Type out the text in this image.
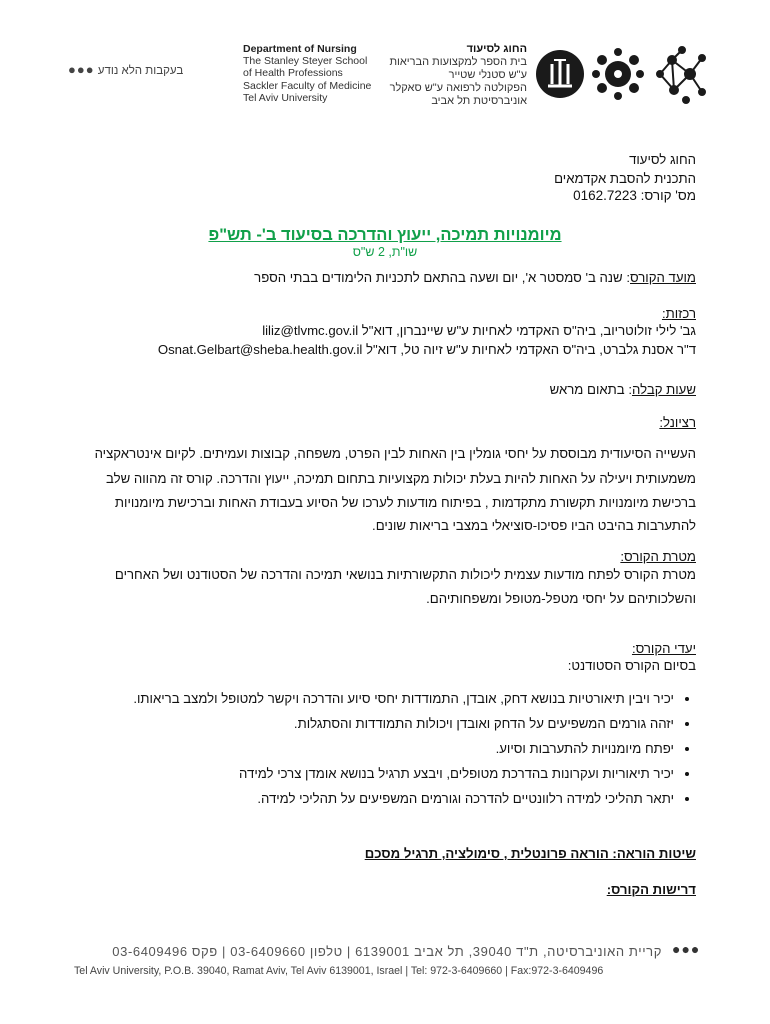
בעקבות הלא נודע ●●●
Department of Nursing
The Stanley Steyer School
of Health Professions
Sackler Faculty of Medicine
Tel Aviv University
החוג לסיעוד
בית הספר למקצועות הבריאות
ע"ש סטנלי שטייר
הפקולטה לרפואה ע"ש סאקלר
אוניברסיטת תל אביב
החוג לסיעוד
התכנית להסבת אקדמאים
מס' קורס: 0162.7223
מיומנויות תמיכה, ייעוץ והדרכה בסיעוד ב'- תש"פ
שו"ת, 2 ש"ס
מועד הקורס: שנה ב' סמסטר א', יום ושעה בהתאם לתכניות הלימודים בבתי הספר
רכזות:
גב' לילי זולוטריוב, ביה"ס האקדמי לאחיות ע"ש שיינברון, דוא"ל liliz@tlvmc.gov.il
ד"ר אסנת גלברט, ביה"ס האקדמי לאחיות ע"ש זיוה טל, דוא"ל Osnat.Gelbart@sheba.health.gov.il
שעות קבלה: בתאום מראש
רציונל:
העשייה הסיעודית מבוססת על יחסי גומלין בין האחות לבין הפרט, משפחה, קבוצות ועמיתים. לקיום אינטראקציה
משמעותית ויעילה על האחות להיות בעלת יכולות מקצועיות בתחום תמיכה, ייעוץ והדרכה. קורס זה מהווה שלב
ברכישת מיומנויות תקשורת מתקדמות , בפיתוח מודעות לערכו של הסיוע בעבודת האחות וברכישת מיומנויות
להתערבות בהיבט הביו פסיכו-סוציאלי במצבי בריאות שונים.
מטרת הקורס:
מטרת הקורס לפתח מודעות עצמית ליכולות התקשורתיות בנושאי תמיכה והדרכה של הסטודנט ושל האחרים
והשלכותיהם על יחסי מטפל-מטופל ומשפחותיהם.
יעדי הקורס:
בסיום הקורס הסטודנט:
• יכיר ויבין תיאורטיות בנושא דחק, אובדן, התמודדות יחסי סיוע והדרכה ויקשר למטופל ולמצב בריאותו.
• יזהה גורמים המשפיעים על הדחק ואובדן ויכולות התמודדות והסתגלות.
• יפתח מיומנויות להתערבות וסיוע.
• יכיר תיאוריות ועקרונות בהדרכת מטופלים, ויבצע תרגיל בנושא אומדן צרכי למידה
• יתאר תהליכי למידה רלוונטיים להדרכה וגורמים המשפיעים על תהליכי למידה.
שיטות הוראה: הוראה פרונטלית , סימולציה, תרגיל מסכם
דרישות הקורס:
●●●
קריית האוניברסיטה, ת"ד 39040, תל אביב 6139001 | טלפון 03-6409660 | פקס 03-6409496
Tel Aviv University, P.O.B. 39040, Ramat Aviv, Tel Aviv 6139001, Israel | Tel: 972-3-6409660 | Fax:972-3-6409496
